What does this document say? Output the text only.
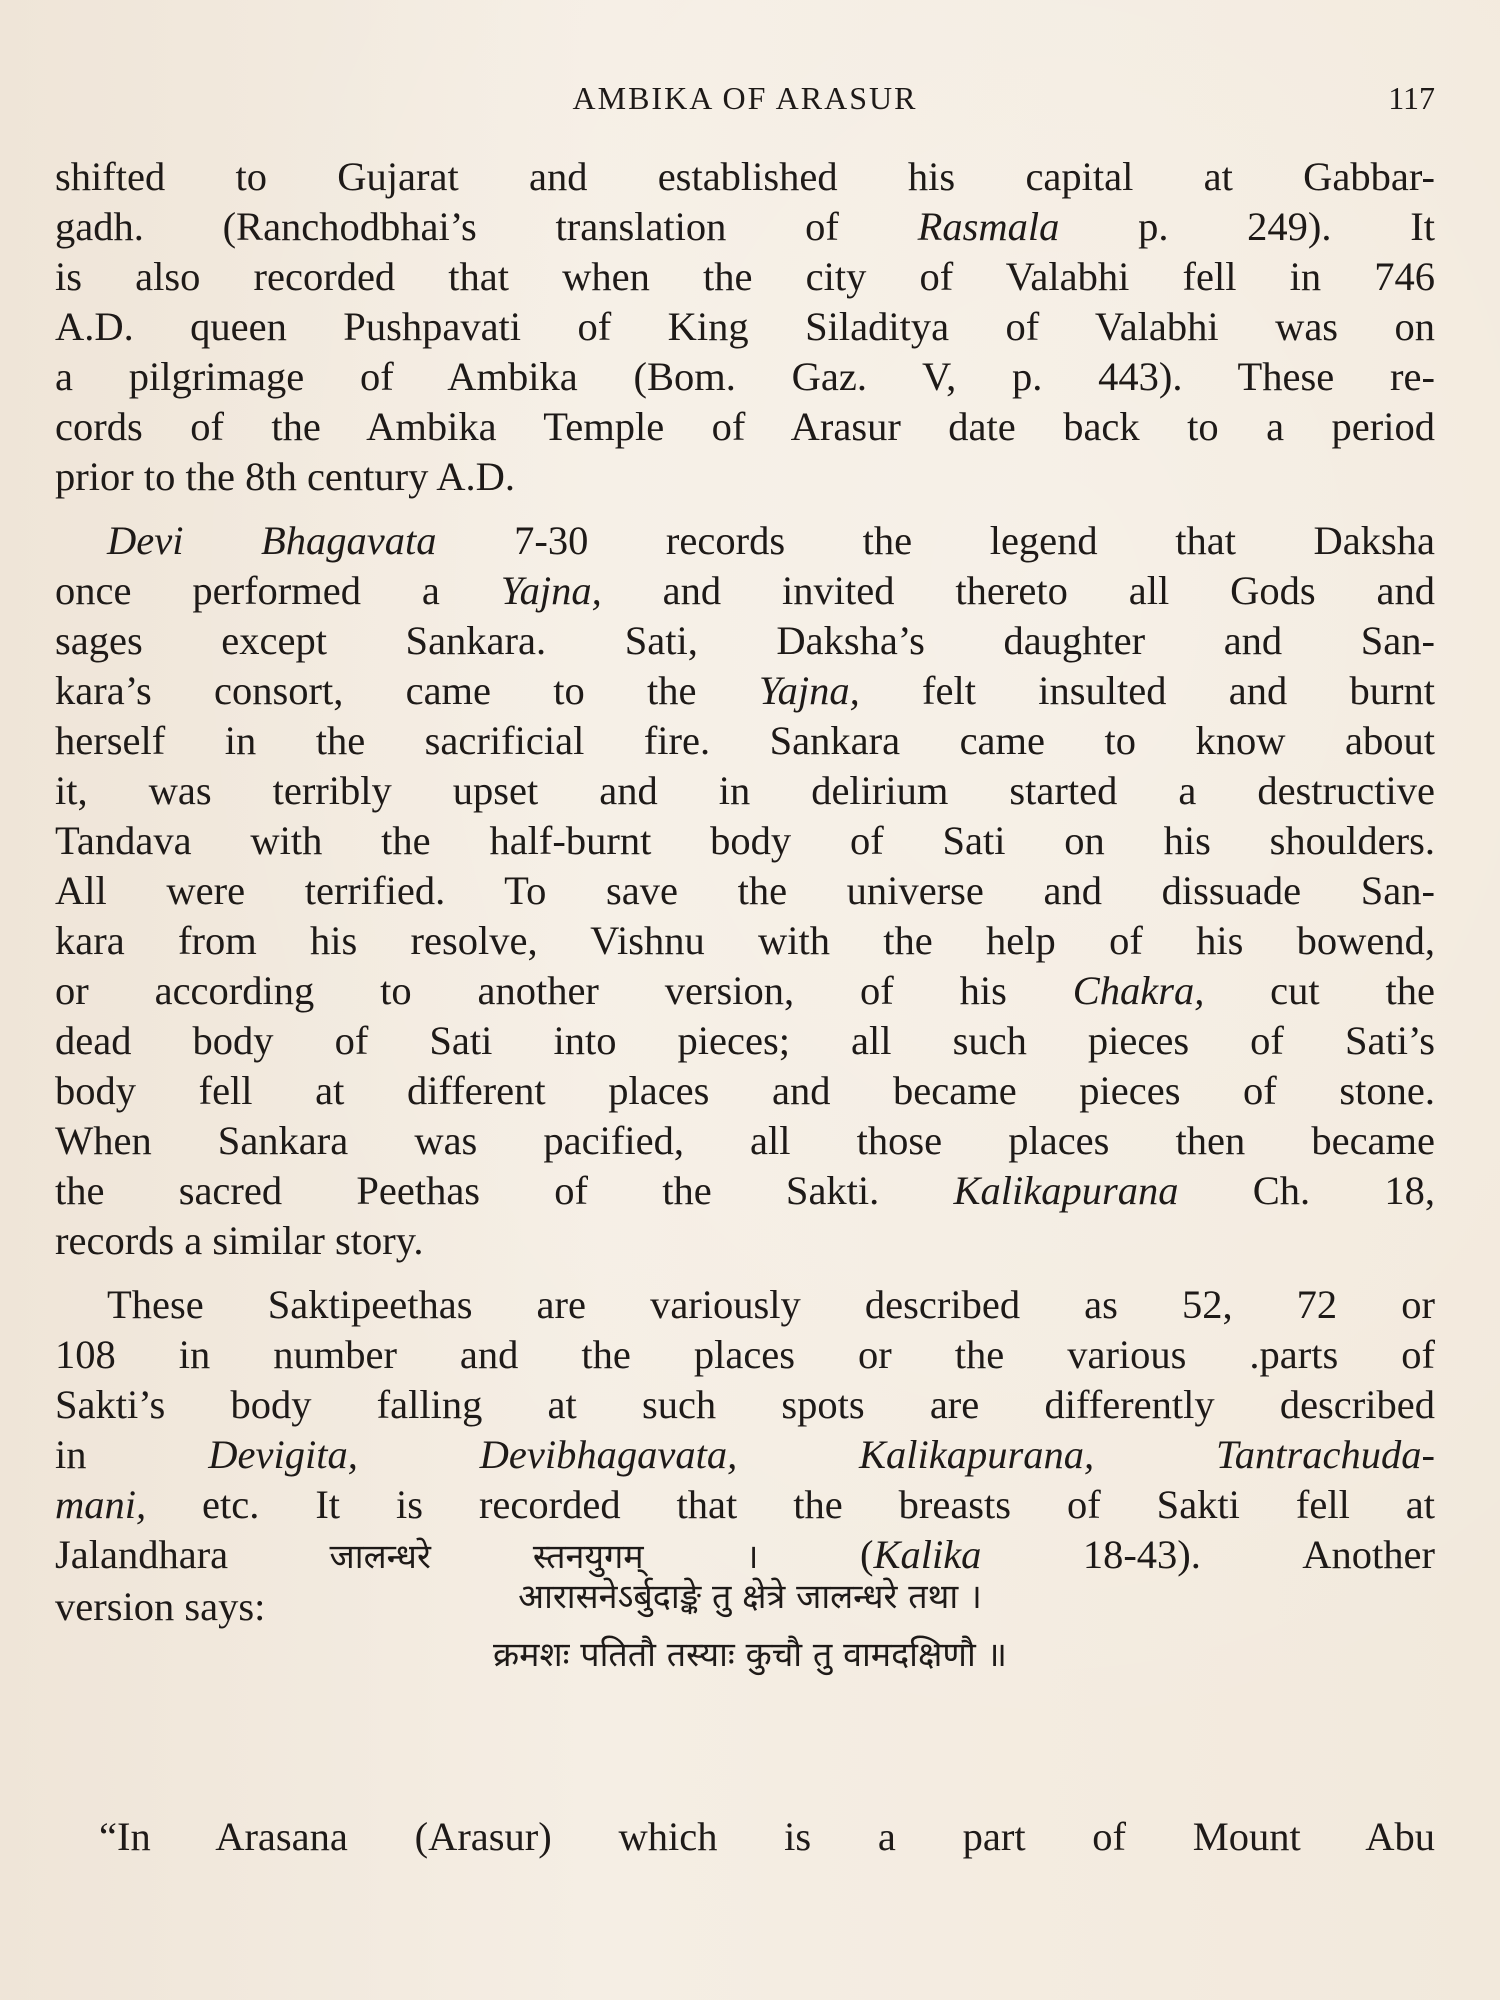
AMBIKA OF ARASUR	117

shifted to Gujarat and established his capital at Gabbar-
gadh. (Ranchodbhai’s translation of Rasmala p. 249). It
is also recorded that when the city of Valabhi fell in 746
A.D. queen Pushpavati of King Siladitya of Valabhi was on
a pilgrimage of Ambika (Bom. Gaz. V, p. 443). These re-
cords of the Ambika Temple of Arasur date back to a period
prior to the 8th century A.D.

Devi Bhagavata 7-30 records the legend that Daksha
once performed a Yajna, and invited thereto all Gods and
sages except Sankara. Sati, Daksha’s daughter and San-
kara’s consort, came to the Yajna, felt insulted and burnt
herself in the sacrificial fire. Sankara came to know about
it, was terribly upset and in delirium started a destructive
Tandava with the half-burnt body of Sati on his shoulders.
All were terrified. To save the universe and dissuade San-
kara from his resolve, Vishnu with the help of his bowend,
or according to another version, of his Chakra, cut the
dead body of Sati into pieces; all such pieces of Sati’s
body fell at different places and became pieces of stone.
When Sankara was pacified, all those places then became
the sacred Peethas of the Sakti. Kalikapurana Ch. 18,
records a similar story.

These Saktipeethas are variously described as 52, 72 or
108 in number and the places or the various .parts of
Sakti’s body falling at such spots are differently described
in Devigita, Devibhagavata, Kalikapurana, Tantrachuda-
mani, etc. It is recorded that the breasts of Sakti fell at
Jalandhara जालन्धरे स्तनयुगम् । (Kalika 18-43). Another
version says:	आरासनेऽर्बुदाङ्के तु क्षेत्रे जालन्धरे तथा ।
क्रमशः पतितौ तस्याः कुचौ तु वामदक्षिणौ ॥
“In Arasana (Arasur) which is a part of Mount Abu
